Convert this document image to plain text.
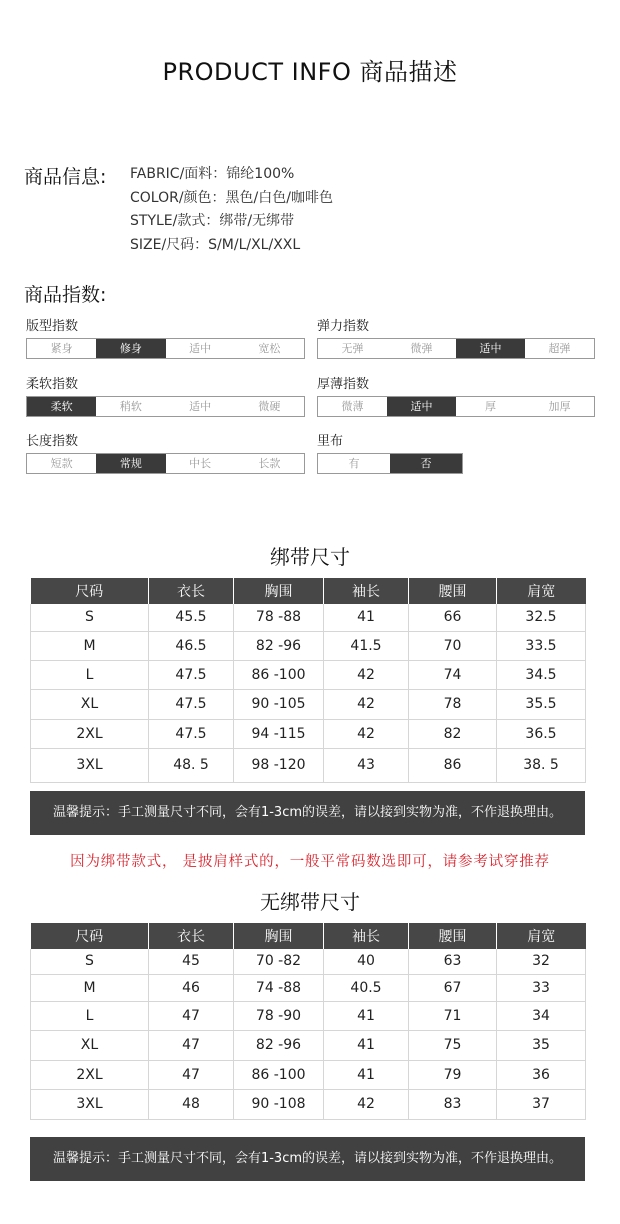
PRODUCT INFO 商品描述
商品信息: FABRIC/面料：锦纶100%
COLOR/颜色：黑色/白色/咖啡色
STYLE/款式：绑带/无绑带
SIZE/尺码：S/M/L/XL/XXL
商品指数:
版型指数
紧身	修身	适中	宽松
弹力指数
无弹	微弹	适中	超弹
柔软指数
柔软	稍软	适中	微硬
厚薄指数
微薄	适中	厚	加厚
长度指数
短款	常规	中长	长款
里布
有	否
绑带尺寸
尺码	衣长	胸围	袖长	腰围	肩宽
S	45.5	78 -88	41	66	32.5
M	46.5	82 -96	41.5	70	33.5
L	47.5	86 -100	42	74	34.5
XL	47.5	90 -105	42	78	35.5
2XL	47.5	94 -115	42	82	36.5
3XL	48. 5	98 -120	43	86	38. 5
温馨提示：手工测量尺寸不同，会有1-3cm的误差，请以接到实物为准，不作退换理由。
因为绑带款式， 是披肩样式的，一般平常码数选即可，请参考试穿推荐
无绑带尺寸
尺码	衣长	胸围	袖长	腰围	肩宽
S	45	70 -82	40	63	32
M	46	74 -88	40.5	67	33
L	47	78 -90	41	71	34
XL	47	82 -96	41	75	35
2XL	47	86 -100	41	79	36
3XL	48	90 -108	42	83	37
温馨提示：手工测量尺寸不同，会有1-3cm的误差，请以接到实物为准，不作退换理由。
